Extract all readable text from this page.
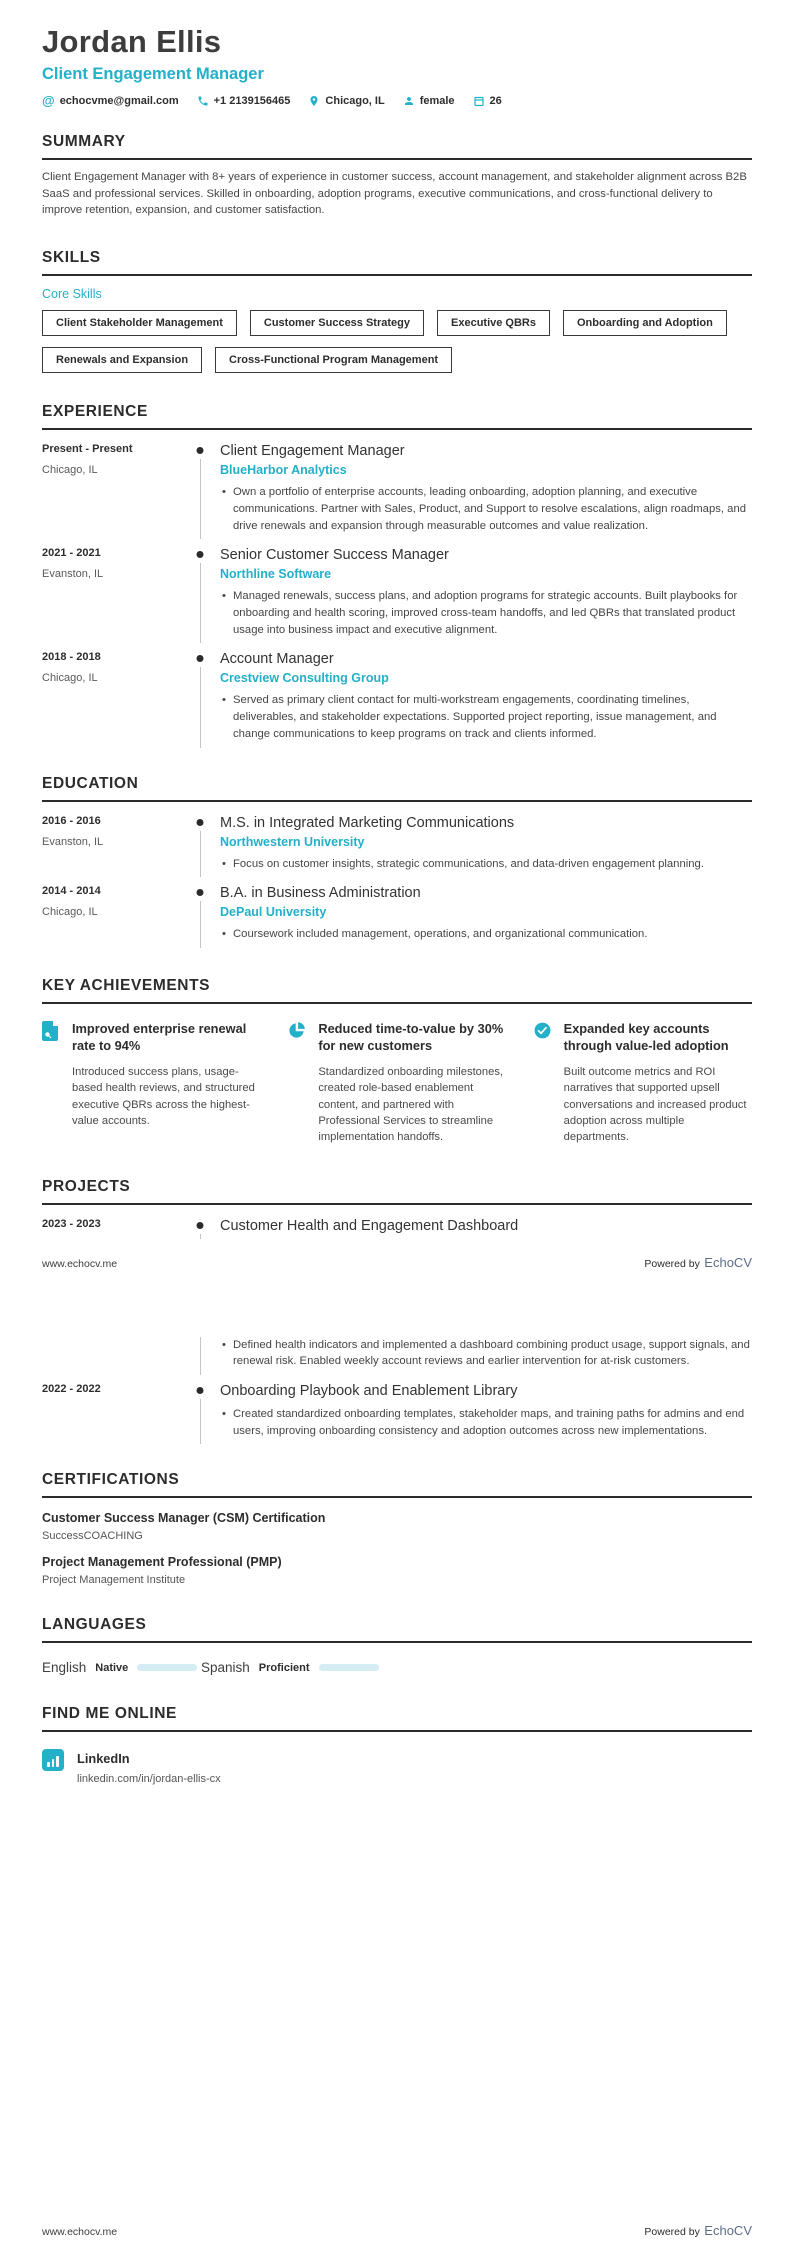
Jordan Ellis
Client Engagement Manager
@ echocvme@gmail.com	+1 2139156465	Chicago, IL	female	26
SUMMARY
Client Engagement Manager with 8+ years of experience in customer success, account management, and stakeholder alignment across B2B SaaS and professional services. Skilled in onboarding, adoption programs, executive communications, and cross-functional delivery to improve retention, expansion, and customer satisfaction.
SKILLS
Core Skills
Client Stakeholder Management	Customer Success Strategy	Executive QBRs	Onboarding and Adoption
Renewals and Expansion	Cross-Functional Program Management
EXPERIENCE
Present - Present
Chicago, IL
Client Engagement Manager
BlueHarbor Analytics
• Own a portfolio of enterprise accounts, leading onboarding, adoption planning, and executive communications. Partner with Sales, Product, and Support to resolve escalations, align roadmaps, and drive renewals and expansion through measurable outcomes and value realization.
2021 - 2021
Evanston, IL
Senior Customer Success Manager
Northline Software
• Managed renewals, success plans, and adoption programs for strategic accounts. Built playbooks for onboarding and health scoring, improved cross-team handoffs, and led QBRs that translated product usage into business impact and executive alignment.
2018 - 2018
Chicago, IL
Account Manager
Crestview Consulting Group
• Served as primary client contact for multi-workstream engagements, coordinating timelines, deliverables, and stakeholder expectations. Supported project reporting, issue management, and change communications to keep programs on track and clients informed.
EDUCATION
2016 - 2016
Evanston, IL
M.S. in Integrated Marketing Communications
Northwestern University
• Focus on customer insights, strategic communications, and data-driven engagement planning.
2014 - 2014
Chicago, IL
B.A. in Business Administration
DePaul University
• Coursework included management, operations, and organizational communication.
KEY ACHIEVEMENTS
Improved enterprise renewal rate to 94%
Introduced success plans, usage-based health reviews, and structured executive QBRs across the highest-value accounts.
Reduced time-to-value by 30% for new customers
Standardized onboarding milestones, created role-based enablement content, and partnered with Professional Services to streamline implementation handoffs.
Expanded key accounts through value-led adoption
Built outcome metrics and ROI narratives that supported upsell conversations and increased product adoption across multiple departments.
PROJECTS
2023 - 2023	Customer Health and Engagement Dashboard
www.echocv.me	Powered by EchoCV
• Defined health indicators and implemented a dashboard combining product usage, support signals, and renewal risk. Enabled weekly account reviews and earlier intervention for at-risk customers.
2022 - 2022	Onboarding Playbook and Enablement Library
• Created standardized onboarding templates, stakeholder maps, and training paths for admins and end users, improving onboarding consistency and adoption outcomes across new implementations.
CERTIFICATIONS
Customer Success Manager (CSM) Certification
SuccessCOACHING
Project Management Professional (PMP)
Project Management Institute
LANGUAGES
English Native	Spanish Proficient
FIND ME ONLINE
LinkedIn
linkedin.com/in/jordan-ellis-cx
www.echocv.me	Powered by EchoCV
